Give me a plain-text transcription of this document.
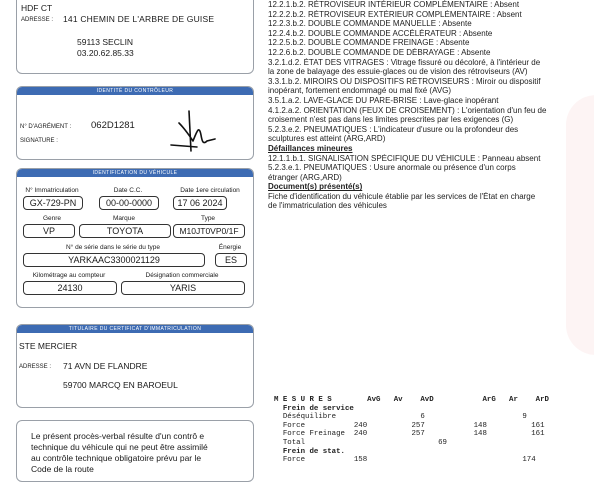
HDF CT
ADRESSE : 141 CHEMIN DE L'ARBRE DE GUISE
59113 SECLIN
03.20.62.85.33
IDENTITÉ DU CONTRÔLEUR
N° D'AGRÉMENT : 062D1281
SIGNATURE :
IDENTIFICATION DU VÉHICULE
N° Immatriculation
GX-729-PN
Date C.C.
00-00-0000
Date 1ere circulation
17 06 2024
Genre
VP
Marque
TOYOTA
Type
M10JT0VP0/1F
N° de série dans le série du type
YARKAAC3300021129
Énergie
ES
Kilométrage au compteur
24130
Désignation commerciale
YARIS
TITULAIRE DU CERTIFICAT D'IMMATRICULATION
STE MERCIER
ADRESSE : 71 AVN DE FLANDRE
59700 MARCQ EN BAROEUL
Le présent procès-verbal résulte d'un contrô e
technique du véhicule qui ne peut être assimilé
au contrôle technique obligatoire prévu par le
Code de la route
12.2.1.b.2. RÉTROVISEUR INTÉRIEUR COMPLÉMENTAIRE : Absent
12.2.2.b.2. RÉTROVISEUR EXTÉRIEUR COMPLÉMENTAIRE : Absent
12.2.3.b.2. DOUBLE COMMANDE MANUELLE : Absente
12.2.4.b.2. DOUBLE COMMANDE ACCÉLÉRATEUR : Absente
12.2.5.b.2. DOUBLE COMMANDE FREINAGE : Absente
12.2.6.b.2. DOUBLE COMMANDE DE DÉBRAYAGE : Absente
3.2.1.d.2. ÉTAT DES VITRAGES : Vitrage fissuré ou décoloré, à l'intérieur de
la zone de balayage des essuie-glaces ou de vision des rétroviseurs (AV)
3.3.1.b.2. MIROIRS OU DISPOSITIFS RÉTROVISEURS : Miroir ou dispositif
inopérant, fortement endommagé ou mal fixé (AVG)
3.5.1.a.2. LAVE-GLACE DU PARE-BRISE : Lave-glace inopérant
4.1.2.a.2. ORIENTATION (FEUX DE CROISEMENT) : L'orientation d'un feu de
croisement n'est pas dans les limites prescrites par les exigences (G)
5.2.3.e.2. PNEUMATIQUES : L'indicateur d'usure ou la profondeur des
sculptures est atteint (ARG,ARD)
Défaillances mineures
12.1.1.b.1. SIGNALISATION SPÉCIFIQUE DU VÉHICULE : Panneau absent
5.2.3.e.1. PNEUMATIQUES : Usure anormale ou présence d'un corps
étranger (ARG,ARD)
Document(s) présenté(s)
Fiche d'identification du véhicule établie par les services de l'État en charge
de l'immatriculation des véhicules
M E S U R E S        AvG   Av    AvD           ArG   Ar    ArD
Frein de service
Déséquilibre                   6                      9
Force           240          257           148          161
Force Freinage  240          257           148          161
Total                              69
Frein de stat.
Force           158                                   174
